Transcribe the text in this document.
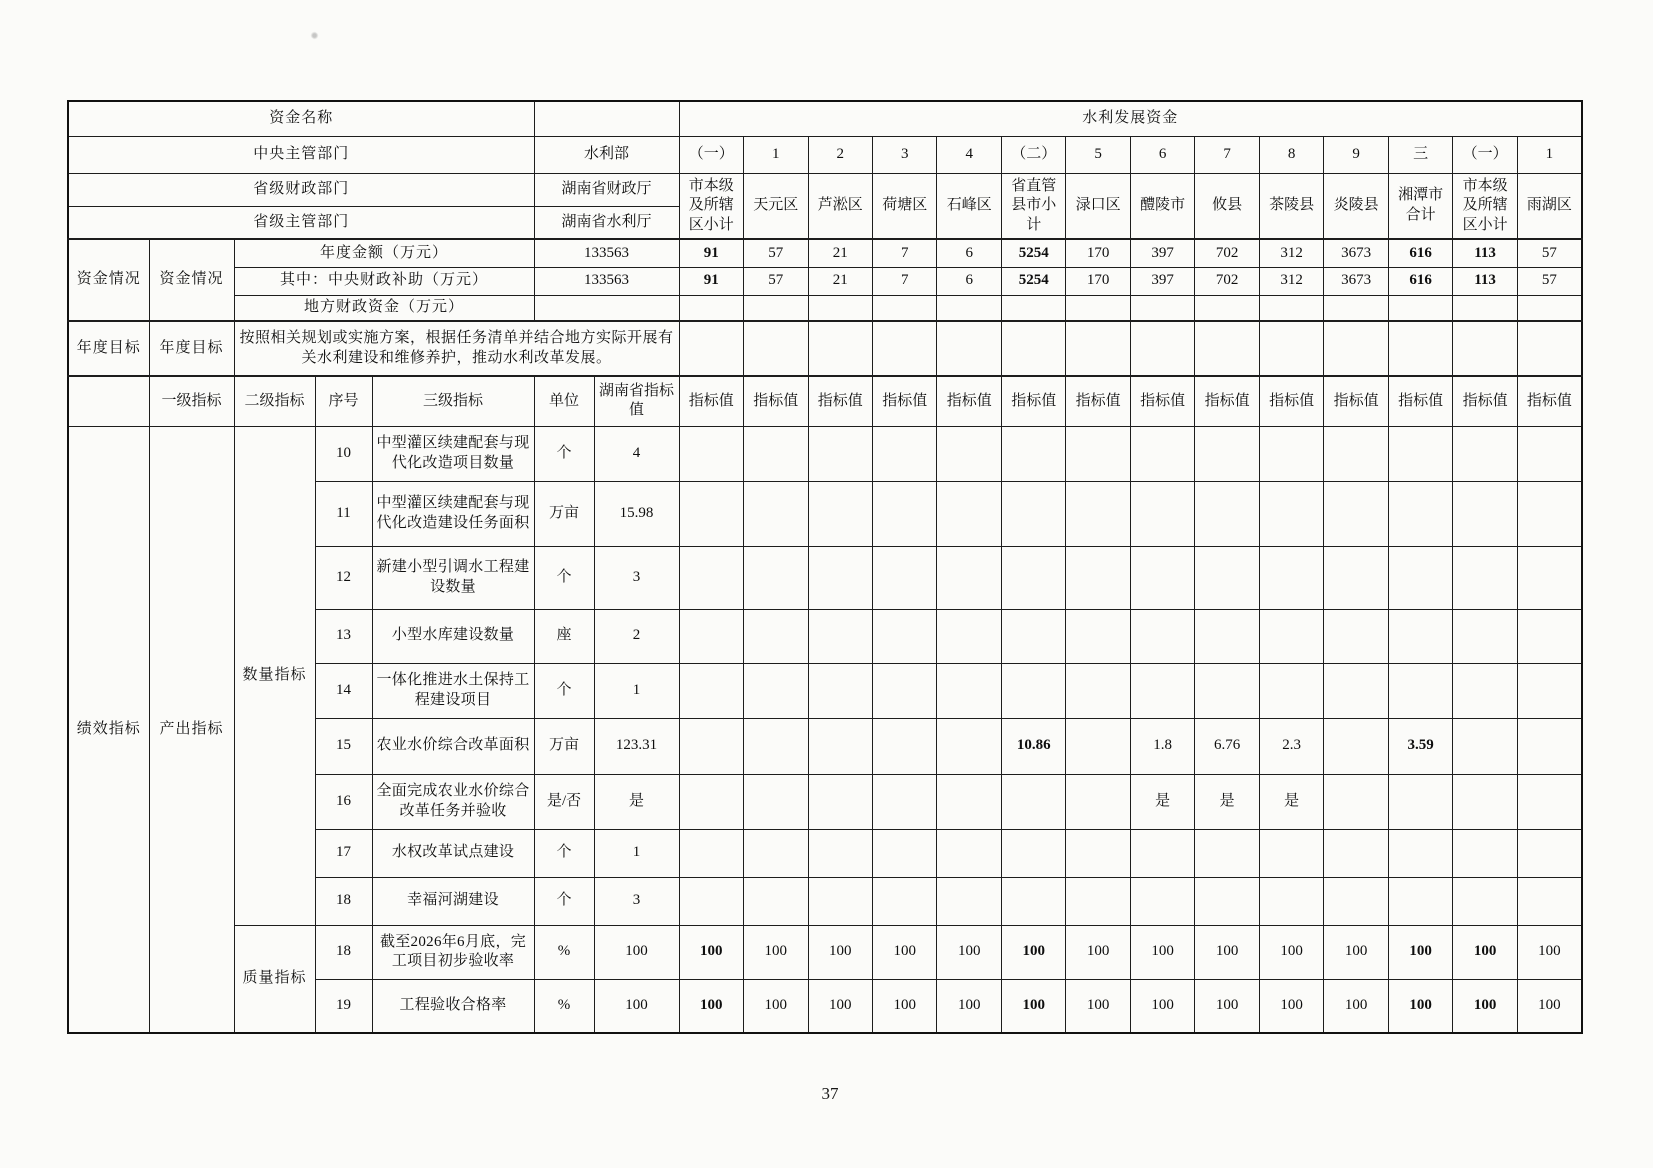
资金名称							水利发展资金													
中央主管部门					水利部		（一）	1	2	3	4	（二）	5	6	7	8	9	三	（一）	1
省级财政部门					湖南省财政厅		市本级及所辖区小计	天元区	芦淞区	荷塘区	石峰区	省直管县市小计	渌口区	醴陵市	攸县	茶陵县	炎陵县	湘潭市合计	市本级及所辖区小计	雨湖区
省级主管部门					湖南省水利厅															
资金情况	资金情况	年度金额（万元）			133563		91	57	21	7	6	5254	170	397	702	312	3673	616	113	57
		其中：中央财政补助（万元）			133563		91	57	21	7	6	5254	170	397	702	312	3673	616	113	57
		地方财政资金（万元）																		
年度目标	年度目标	按照相关规划或实施方案，根据任务清单并结合地方实际开展有关水利建设和维修养护，推动水利改革发展。																		
	一级指标	二级指标	序号	三级指标	单位	湖南省指标值	指标值	指标值	指标值	指标值	指标值	指标值	指标值	指标值	指标值	指标值	指标值	指标值	指标值	指标值
绩效指标	产出指标	数量指标	10	中型灌区续建配套与现代化改造项目数量	个	4														
			11	中型灌区续建配套与现代化改造建设任务面积	万亩	15.98														
			12	新建小型引调水工程建设数量	个	3														
			13	小型水库建设数量	座	2														
			14	一体化推进水土保持工程建设项目	个	1														
			15	农业水价综合改革面积	万亩	123.31						10.86		1.8	6.76	2.3		3.59		
			16	全面完成农业水价综合改革任务并验收	是/否	是								是	是	是				
			17	水权改革试点建设	个	1														
			18	幸福河湖建设	个	3														
		质量指标	18	截至2026年6月底，完工项目初步验收率	%	100	100	100	100	100	100	100	100	100	100	100	100	100	100	100
			19	工程验收合格率	%	100	100	100	100	100	100	100	100	100	100	100	100	100	100	100
37
